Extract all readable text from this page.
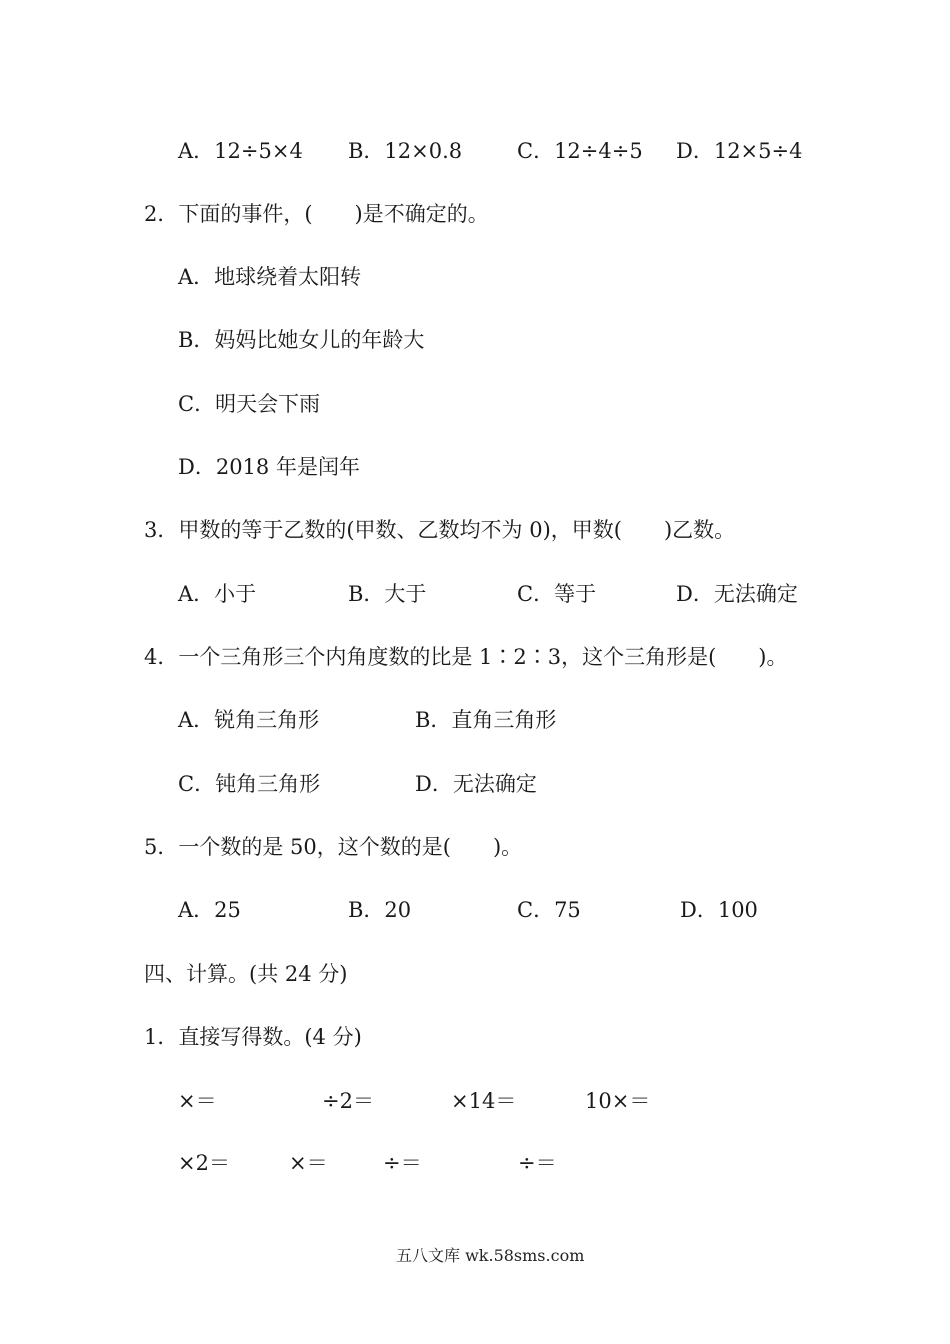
A．12÷5×4 B．12×0.8	C．12÷4÷5 D．12×5÷4
2．下面的事件，(　　)是不确定的。
A．地球绕着太阳转
B．妈妈比她女儿的年龄大
C．明天会下雨
D．2018 年是闰年
3．甲数的等于乙数的(甲数、乙数均不为 0)，甲数(　　)乙数。
A．小于	B．大于	C．等于	D．无法确定
4．一个三角形三个内角度数的比是 1∶2∶3，这个三角形是(　　)。
A．锐角三角形	B．直角三角形
C．钝角三角形	D．无法确定
5．一个数的是 50，这个数的是(　　)。
A．25	B．20	C．75	D．100
四、计算。(共 24 分)
1．直接写得数。(4 分)
×＝	÷2＝	×14＝	10×＝
×2＝	×＝	÷＝	÷＝
五八文库 wk.58sms.com
